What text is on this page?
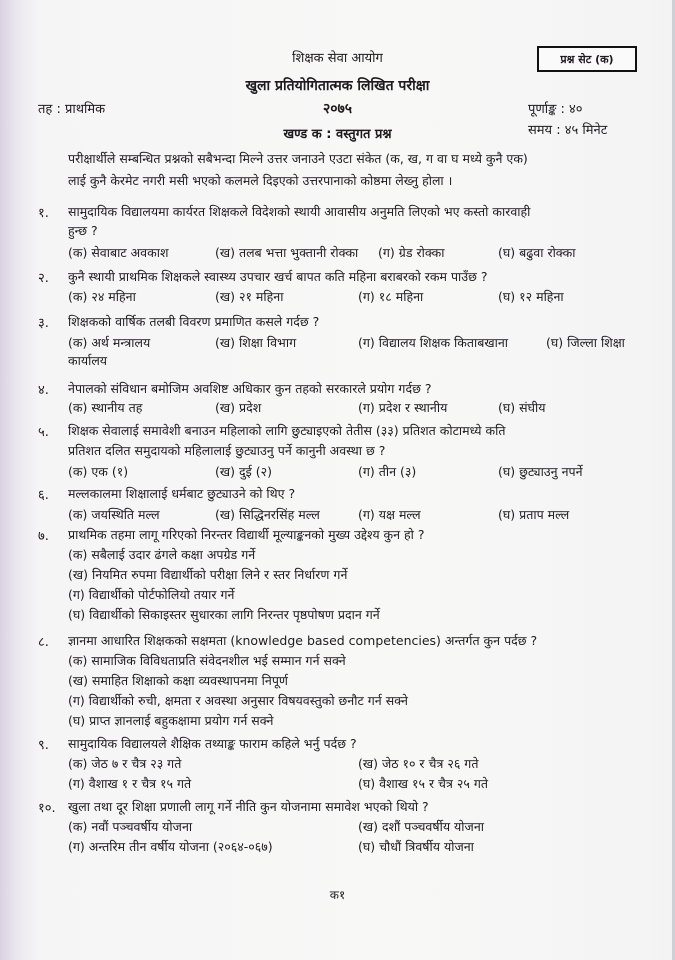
शिक्षक सेवा आयोग	प्रश्न सेट (क)
खुला प्रतियोगितात्मक लिखित परीक्षा
तह : प्राथमिक	२०७५	पूर्णाङ्क : ४०
खण्ड क : वस्तुगत प्रश्न	समय : ४५ मिनेट
परीक्षार्थीले सम्बन्धित प्रश्नको सबैभन्दा मिल्ने उत्तर जनाउने एउटा संकेत (क, ख, ग वा घ मध्ये कुनै एक)
लाई कुनै केरमेट नगरी मसी भएको कलमले दिइएको उत्तरपानाको कोष्ठमा लेख्नु होला ।
१. सामुदायिक विद्यालयमा कार्यरत शिक्षकले विदेशको स्थायी आवासीय अनुमति लिएको भए कस्तो कारवाही
हुन्छ ?
(क) सेवाबाट अवकाश	(ख) तलब भत्ता भुक्तानी रोक्का (ग) ग्रेड रोक्का	(घ) बढुवा रोक्का
२. कुनै स्थायी प्राथमिक शिक्षकले स्वास्थ्य उपचार खर्च बापत कति महिना बराबरको रकम पाउँछ ?
(क) २४ महिना	(ख) २१ महिना	(ग) १८ महिना	(घ) १२ महिना
३. शिक्षकको वार्षिक तलबी विवरण प्रमाणित कसले गर्दछ ?
(क) अर्थ मन्त्रालय	(ख) शिक्षा विभाग	(ग) विद्यालय शिक्षक किताबखाना	(घ) जिल्ला शिक्षा
कार्यालय
४. नेपालको संविधान बमोजिम अवशिष्ट अधिकार कुन तहको सरकारले प्रयोग गर्दछ ?
(क) स्थानीय तह	(ख) प्रदेश	(ग) प्रदेश र स्थानीय	(घ) संघीय
५. शिक्षक सेवालाई समावेशी बनाउन महिलाको लागि छुट्याइएको तेतीस (३३) प्रतिशत कोटामध्ये कति
प्रतिशत दलित समुदायको महिलालाई छुट्याउनु पर्ने कानुनी अवस्था छ ?
(क) एक (१)	(ख) दुई (२)	(ग) तीन (३)	(घ) छुट्याउनु नपर्ने
६. मल्लकालमा शिक्षालाई धर्मबाट छुट्याउने को थिए ?
(क) जयस्थिति मल्ल	(ख) सिद्धिनरसिंह मल्ल	(ग) यक्ष मल्ल	(घ) प्रताप मल्ल
७. प्राथमिक तहमा लागू गरिएको निरन्तर विद्यार्थी मूल्याङ्कनको मुख्य उद्देश्य कुन हो ?
(क) सबैलाई उदार ढंगले कक्षा अपग्रेड गर्ने
(ख) नियमित रुपमा विद्यार्थीको परीक्षा लिने र स्तर निर्धारण गर्ने
(ग) विद्यार्थीको पोर्टफोलियो तयार गर्ने
(घ) विद्यार्थीको सिकाइस्तर सुधारका लागि निरन्तर पृष्ठपोषण प्रदान गर्ने
८. ज्ञानमा आधारित शिक्षकको सक्षमता (knowledge based competencies) अन्तर्गत कुन पर्दछ ?
(क) सामाजिक विविधताप्रति संवेदनशील भई सम्मान गर्न सक्ने
(ख) समाहित शिक्षाको कक्षा व्यवस्थापनमा निपूर्ण
(ग) विद्यार्थीको रुची, क्षमता र अवस्था अनुसार विषयवस्तुको छनौट गर्न सक्ने
(घ) प्राप्त ज्ञानलाई बहुकक्षामा प्रयोग गर्न सक्ने
९. सामुदायिक विद्यालयले शैक्षिक तथ्याङ्क फाराम कहिले भर्नु पर्दछ ?
(क) जेठ ७ र चैत्र २३ गते	(ख) जेठ १० र चैत्र २६ गते
(ग) वैशाख १ र चैत्र १५ गते	(घ) वैशाख १५ र चैत्र २५ गते
१०. खुला तथा दूर शिक्षा प्रणाली लागू गर्ने नीति कुन योजनामा समावेश भएको थियो ?
(क) नवौं पञ्चवर्षीय योजना	(ख) दशौं पञ्चवर्षीय योजना
(ग) अन्तरिम तीन वर्षीय योजना (२०६४-०६७)	(घ) चौधौं त्रिवर्षीय योजना
क१
